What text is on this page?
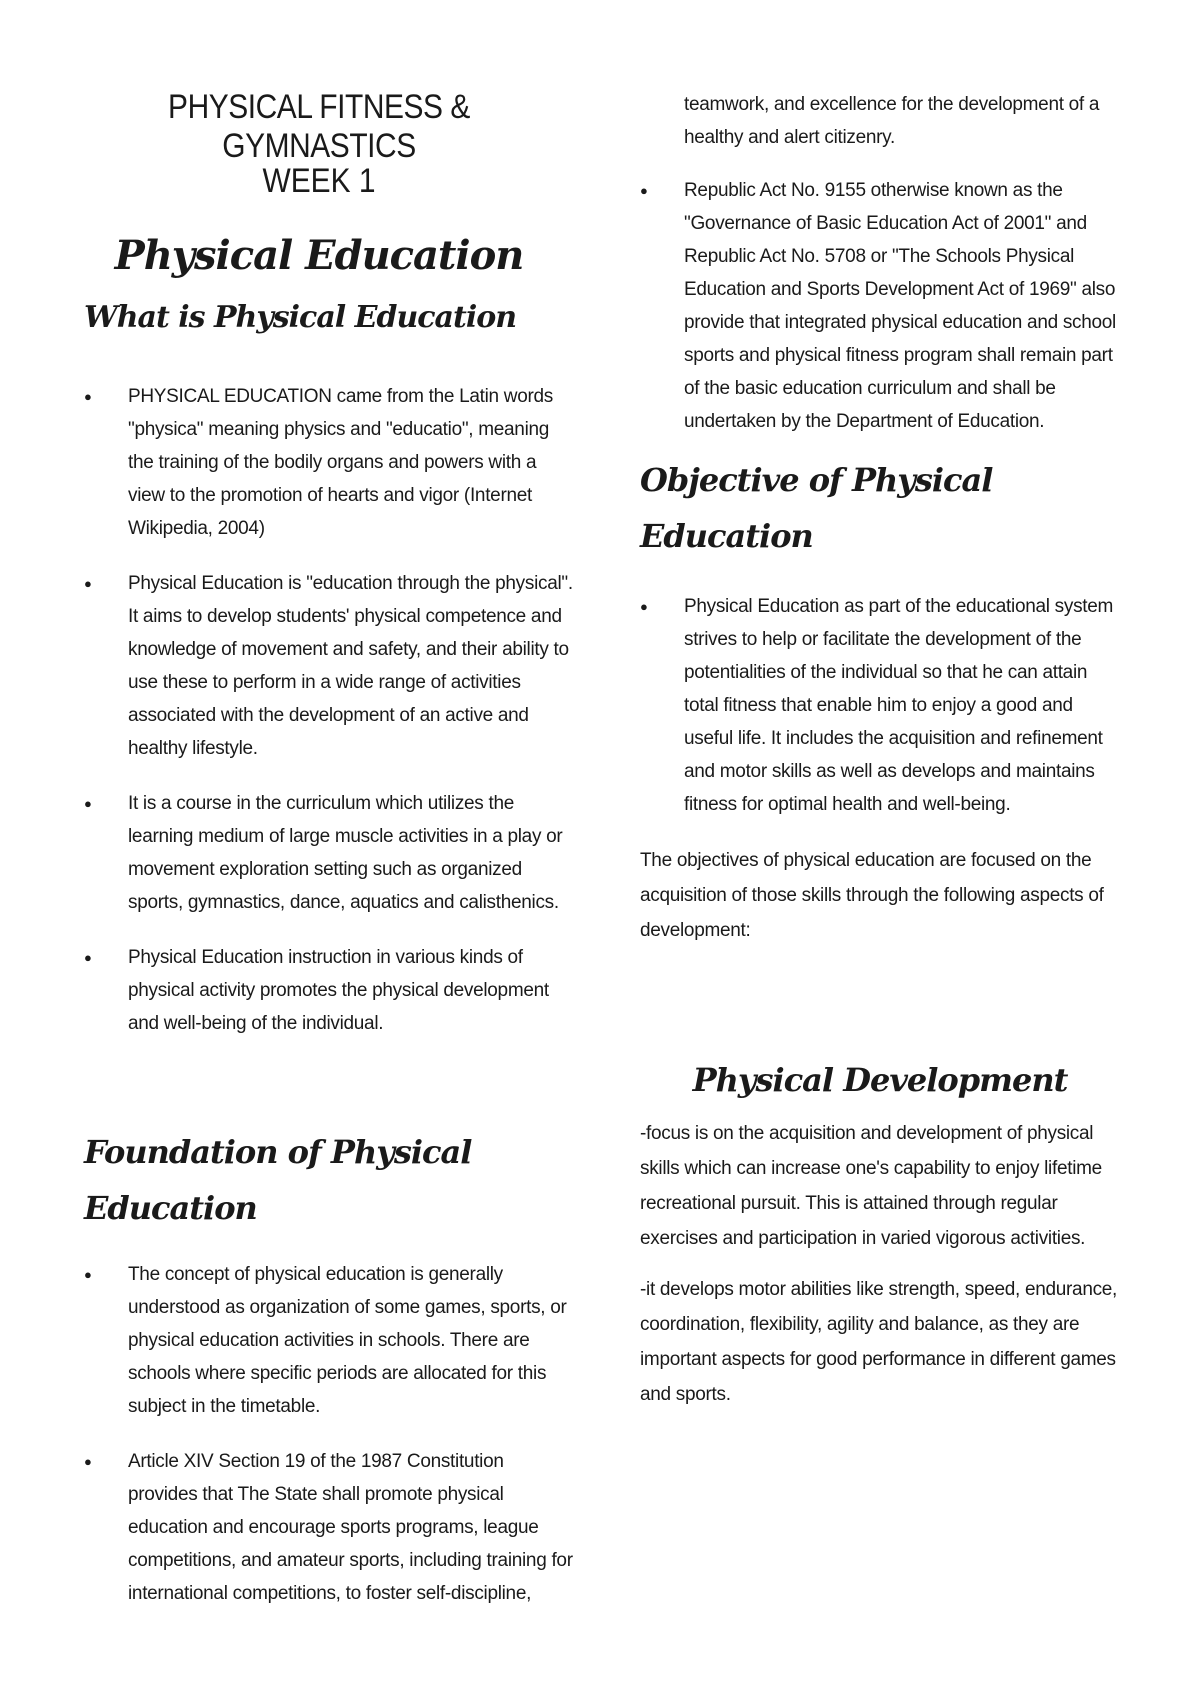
PHYSICAL FITNESS & GYMNASTICS
WEEK 1
Physical Education
What is Physical Education
● PHYSICAL EDUCATION came from the Latin words "physica" meaning physics and "educatio", meaning the training of the bodily organs and powers with a view to the promotion of hearts and vigor (Internet Wikipedia, 2004)
● Physical Education is "education through the physical". It aims to develop students' physical competence and knowledge of movement and safety, and their ability to use these to perform in a wide range of activities associated with the development of an active and healthy lifestyle.
● It is a course in the curriculum which utilizes the learning medium of large muscle activities in a play or movement exploration setting such as organized sports, gymnastics, dance, aquatics and calisthenics.
● Physical Education instruction in various kinds of physical activity promotes the physical development and well-being of the individual.
Foundation of Physical Education
● The concept of physical education is generally understood as organization of some games, sports, or physical education activities in schools. There are schools where specific periods are allocated for this subject in the timetable.
● Article XIV Section 19 of the 1987 Constitution provides that The State shall promote physical education and encourage sports programs, league competitions, and amateur sports, including training for international competitions, to foster self-discipline,

teamwork, and excellence for the development of a healthy and alert citizenry.

● Republic Act No. 9155 otherwise known as the "Governance of Basic Education Act of 2001" and Republic Act No. 5708 or "The Schools Physical Education and Sports Development Act of 1969" also provide that integrated physical education and school sports and physical fitness program shall remain part of the basic education curriculum and shall be undertaken by the Department of Education.
Objective of Physical Education
● Physical Education as part of the educational system strives to help or facilitate the development of the potentialities of the individual so that he can attain total fitness that enable him to enjoy a good and useful life. It includes the acquisition and refinement and motor skills as well as develops and maintains fitness for optimal health and well-being.

The objectives of physical education are focused on the acquisition of those skills through the following aspects of development:

Physical Development

-focus is on the acquisition and development of physical skills which can increase one's capability to enjoy lifetime recreational pursuit. This is attained through regular exercises and participation in varied vigorous activities.

-it develops motor abilities like strength, speed, endurance, coordination, flexibility, agility and balance, as they are important aspects for good performance in different games and sports.
